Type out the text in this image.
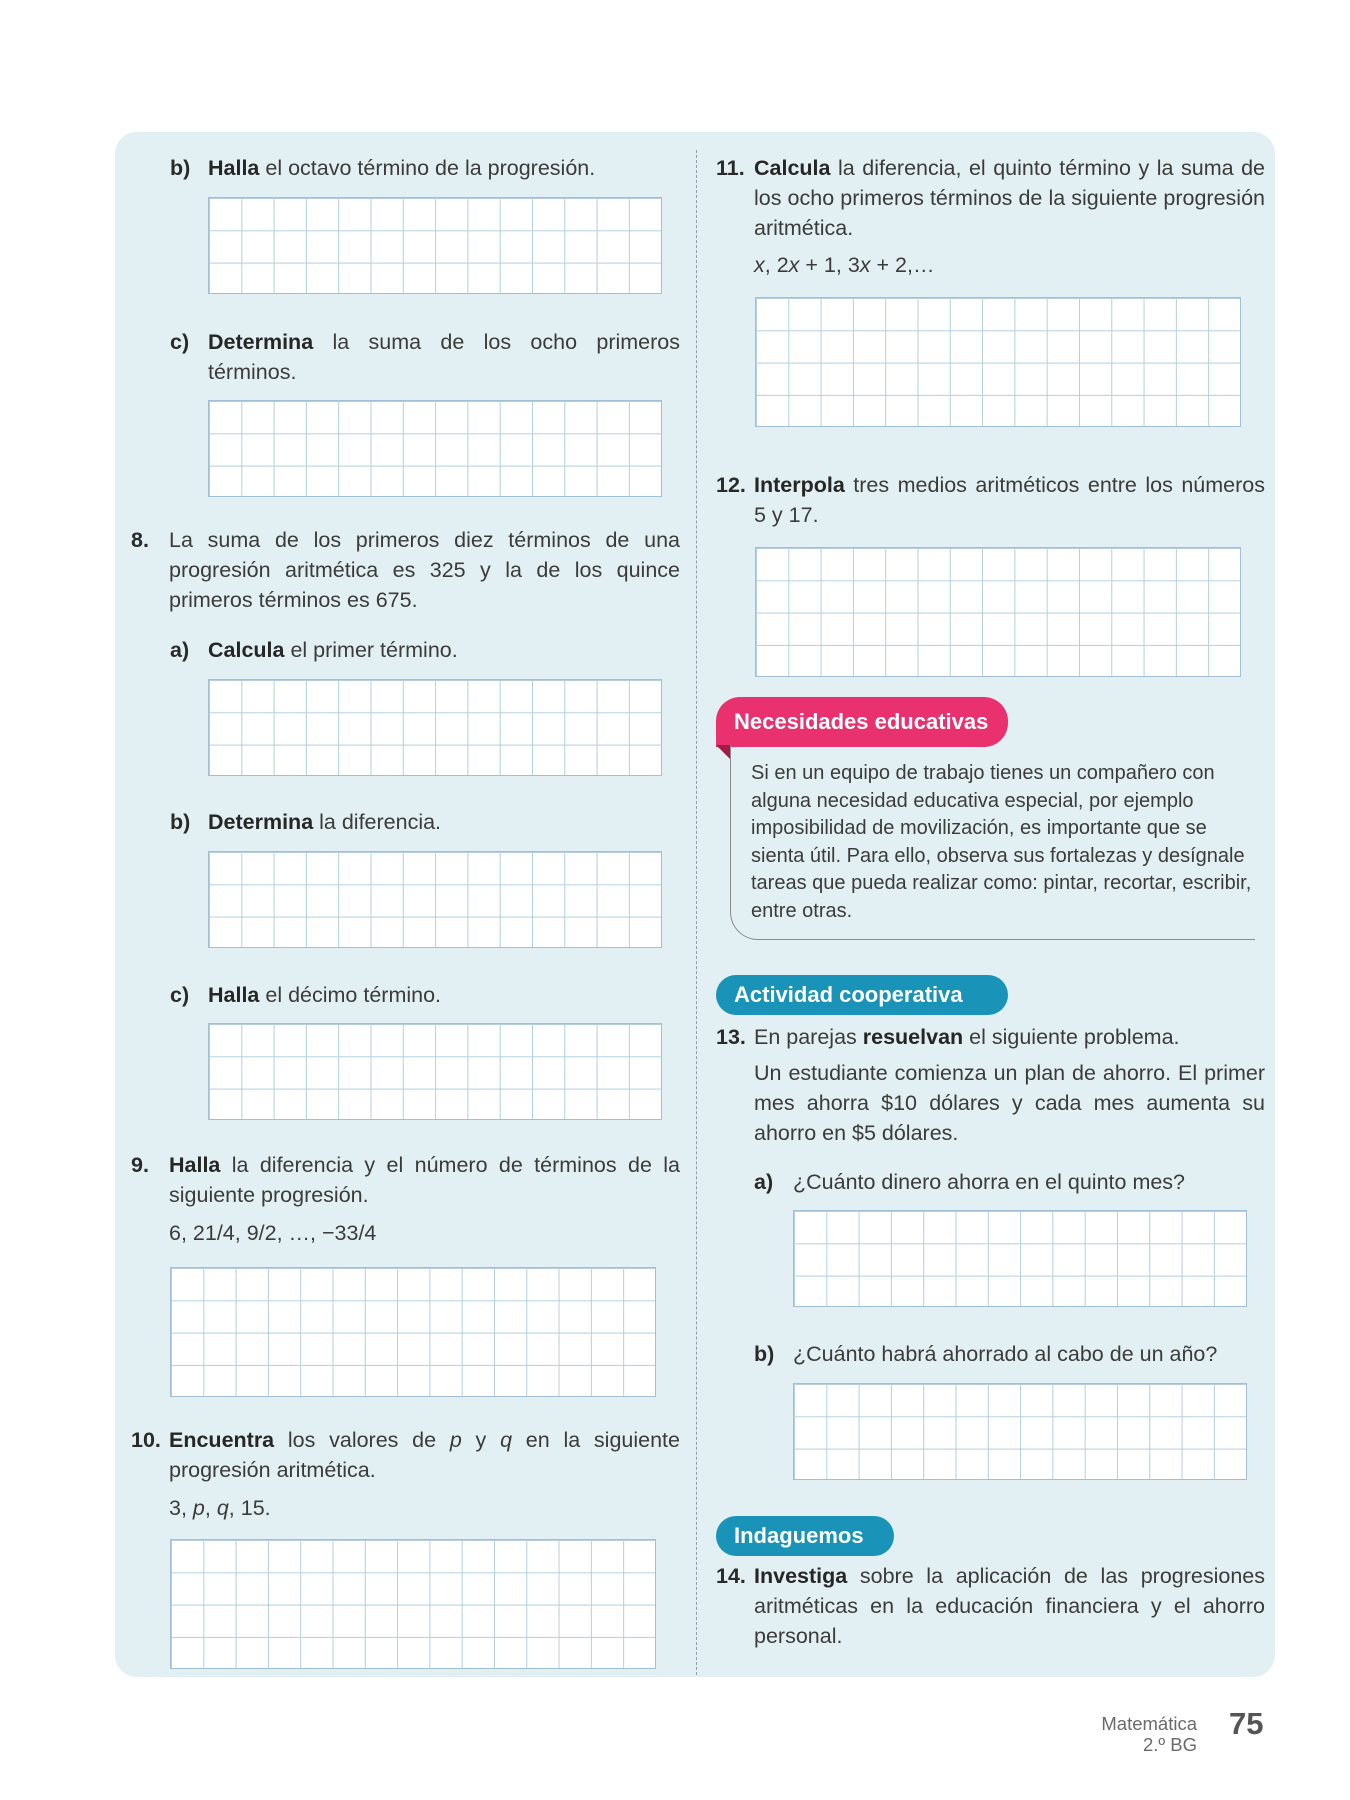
b) Halla el octavo término de la progresión.
c) Determina la suma de los ocho primeros términos.
8. La suma de los primeros diez términos de una progresión aritmética es 325 y la de los quince primeros términos es 675.
a) Calcula el primer término.
b) Determina la diferencia.
c) Halla el décimo término.
9. Halla la diferencia y el número de términos de la siguiente progresión.
6, 21/4, 9/2, …, −33/4
10. Encuentra los valores de p y q en la siguiente progresión aritmética.
3, p, q, 15.
11. Calcula la diferencia, el quinto término y la suma de los ocho primeros términos de la siguiente progresión aritmética.
x, 2x + 1, 3x + 2,…
12. Interpola tres medios aritméticos entre los números 5 y 17.
Necesidades educativas
Si en un equipo de trabajo tienes un compañero con alguna necesidad educativa especial, por ejemplo imposibilidad de movilización, es importante que se sienta útil. Para ello, observa sus fortalezas y desígnale tareas que pueda realizar como: pintar, recortar, escribir, entre otras.
Actividad cooperativa
13. En parejas resuelvan el siguiente problema.
Un estudiante comienza un plan de ahorro. El primer mes ahorra $10 dólares y cada mes aumenta su ahorro en $5 dólares.
a) ¿Cuánto dinero ahorra en el quinto mes?
b) ¿Cuánto habrá ahorrado al cabo de un año?
Indaguemos
14. Investiga sobre la aplicación de las progresiones aritméticas en la educación financiera y el ahorro personal.
Matemática
2.º BG
75
